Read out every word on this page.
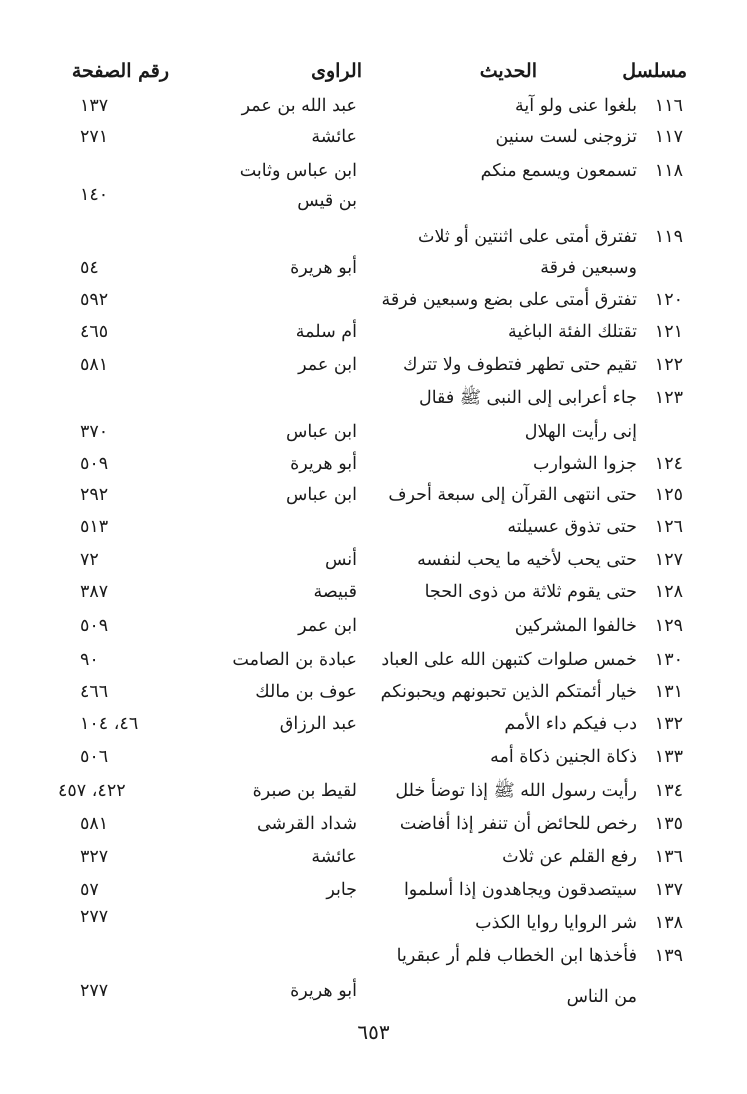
مسلسل
الحديث
الراوى
رقم الصفحة
١١٦
بلغوا عنى ولو آية
عبد الله بن عمر
١٣٧
١١٧
تزوجنى لست سنين
عائشة
٢٧١
١١٨
تسمعون ويسمع منكم
ابن عباس وثابت
بن قيس
١٤٠
١١٩
تفترق أمتى على اثنتين أو ثلاث
وسبعين فرقة
أبو هريرة
٥٤
١٢٠
تفترق أمتى على بضع وسبعين فرقة
٥٩٢
١٢١
تقتلك الفئة الباغية
أم سلمة
٤٦٥
١٢٢
تقيم حتى تطهر فتطوف ولا تترك
ابن عمر
٥٨١
١٢٣
جاء أعرابى إلى النبى ﷺ فقال
إنى رأيت الهلال
ابن عباس
٣٧٠
١٢٤
جزوا الشوارب
أبو هريرة
٥٠٩
١٢٥
حتى انتهى القرآن إلى سبعة أحرف
ابن عباس
٢٩٢
١٢٦
حتى تذوق عسيلته
٥١٣
١٢٧
حتى يحب لأخيه ما يحب لنفسه
أنس
٧٢
١٢٨
حتى يقوم ثلاثة من ذوى الحجا
قبيصة
٣٨٧
١٢٩
خالفوا المشركين
ابن عمر
٥٠٩
١٣٠
خمس صلوات كتبهن الله على العباد
عبادة بن الصامت
٩٠
١٣١
خيار أئمتكم الذين تحبونهم ويحبونكم
عوف بن مالك
٤٦٦
١٣٢
دب فيكم داء الأمم
عبد الرزاق
٤٦، ١٠٤
١٣٣
ذكاة الجنين ذكاة أمه
٥٠٦
١٣٤
رأيت رسول الله ﷺ إذا توضأ خلل
لقيط بن صبرة
٤٢٢، ٤٥٧
١٣٥
رخص للحائض أن تنفر إذا أفاضت
شداد القرشى
٥٨١
١٣٦
رفع القلم عن ثلاث
عائشة
٣٢٧
١٣٧
سيتصدقون ويجاهدون إذا أسلموا
جابر
٥٧
١٣٨
شر الروايا روايا الكذب
٢٧٧
١٣٩
فأخذها ابن الخطاب فلم أر عبقريا
من الناس
أبو هريرة
٢٧٧
٦٥٣
